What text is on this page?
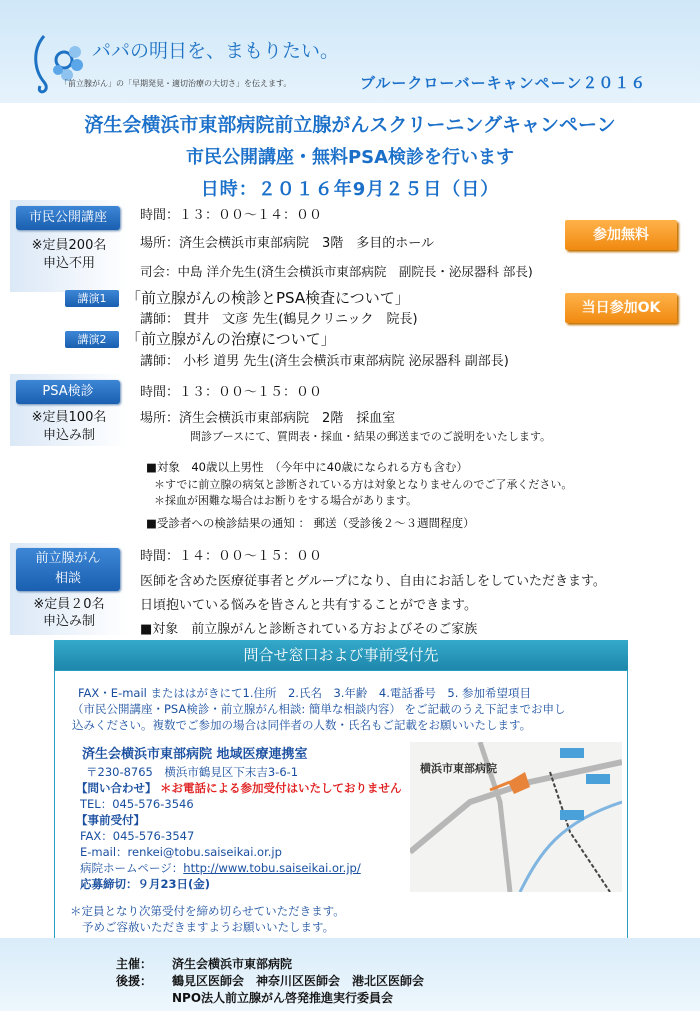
パパの明日を、まもりたい。
「前立腺がん」の「早期発見・適切治療の大切さ」を伝えます。	ブルークローバーキャンペーン２０１６
済生会横浜市東部病院前立腺がんスクリーニングキャンペーン
市民公開講座・無料PSA検診を行います
日時：２０１６年9月２５日（日）
市民公開講座
※定員200名
申込不用
時間：１３：００～１４：００
場所：済生会横浜市東部病院　3階　多目的ホール
司会：中島 洋介先生(済生会横浜市東部病院　副院長・泌尿器科 部長)
参加無料
当日参加OK
講演1	「前立腺がんの検診とPSA検査について」
講師： 貫井　文彦 先生(鶴見クリニック　院長)
講演2	「前立腺がんの治療について」
講師： 小杉 道男 先生(済生会横浜市東部病院 泌尿器科 副部長)
PSA検診
※定員100名
申込み制
時間：１３：００～１５：００
場所：済生会横浜市東部病院　2階　採血室
問診ブースにて、質問表・採血・結果の郵送までのご説明をいたします。
■対象　40歳以上男性　（今年中に40歳になられる方も含む）
＊すでに前立腺の病気と診断されている方は対象となりませんのでご了承ください。
＊採血が困難な場合はお断りをする場合があります。
■受診者への検診結果の通知 ： 郵送（受診後２～３週間程度）
前立腺がん
相談
※定員２0名
申込み制
時間：１４：００～１５：００
医師を含めた医療従事者とグループになり、自由にお話しをしていただきます。
日頃抱いている悩みを皆さんと共有することができます。
■対象　前立腺がんと診断されている方およびそのご家族
問合せ窓口および事前受付先
FAX・E-mail またははがきにて1.住所　2.氏名　3.年齢　4.電話番号　5. 参加希望項目
（市民公開講座・PSA検診・前立腺がん相談: 簡単な相談内容） をご記載のうえ下記までお申し
込みください。複数でご参加の場合は同伴者の人数・氏名もご記載をお願いいたします。
済生会横浜市東部病院 地域医療連携室
〒230-8765　横浜市鶴見区下末吉3-6-1
【問い合わせ】 ＊お電話による参加受付はいたしておりません
TEL：045-576-3546
【事前受付】
FAX：045-576-3547
E-mail：renkei@tobu.saiseikai.or.jp
病院ホームページ：http://www.tobu.saiseikai.or.jp/
応募締切：９月23日(金)
＊定員となり次第受付を締め切らせていただきます。
予めご容赦いただきますようお願いいたします。
横浜市東部病院
主催： 済生会横浜市東部病院
後援： 鶴見区医師会　神奈川区医師会　港北区医師会
NPO法人前立腺がん啓発推進実行委員会
